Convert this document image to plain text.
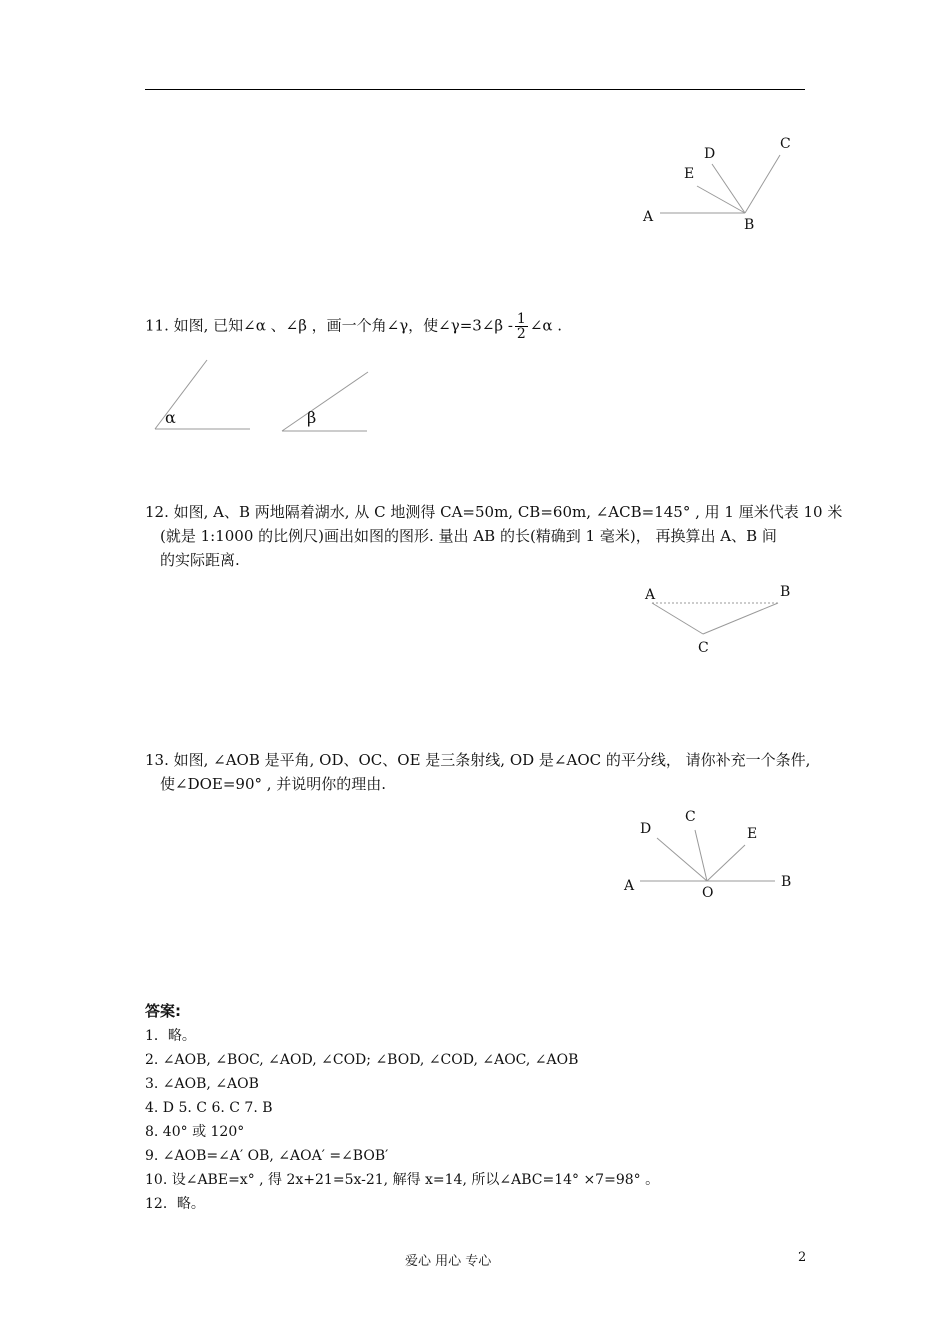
D
C
E
A	B
11. 如图, 已知∠α 、∠β ，画一个角∠γ，使∠γ=3∠β - $\frac{1}{2}$ ∠α .
α	β
12. 如图, A、B 两地隔着湖水, 从 C 地测得 CA=50m, CB=60m, ∠ACB=145° , 用 1 厘米代表 10 米
(就是 1:1000 的比例尺)画出如图的图形. 量出 AB 的长(精确到 1 毫米)， 再换算出 A、B 间
的实际距离.
A	B
C
13. 如图, ∠AOB 是平角, OD、OC、OE 是三条射线, OD 是∠AOC 的平分线， 请你补充一个条件,
使∠DOE=90° , 并说明你的理由.
D
C
E
A	O
B
答案:
1．略。
2. ∠AOB, ∠BOC, ∠AOD, ∠COD; ∠BOD, ∠COD, ∠AOC, ∠AOB
3. ∠AOB, ∠AOB
4. D 5. C 6. C 7. B
8. 40° 或 120°
9. ∠AOB=∠A′ OB, ∠AOA′ =∠BOB′
10. 设∠ABE=x° , 得 2x+21=5x-21, 解得 x=14, 所以∠ABC=14° ×7=98° 。
12．略。
爱心 用心 专心	2
